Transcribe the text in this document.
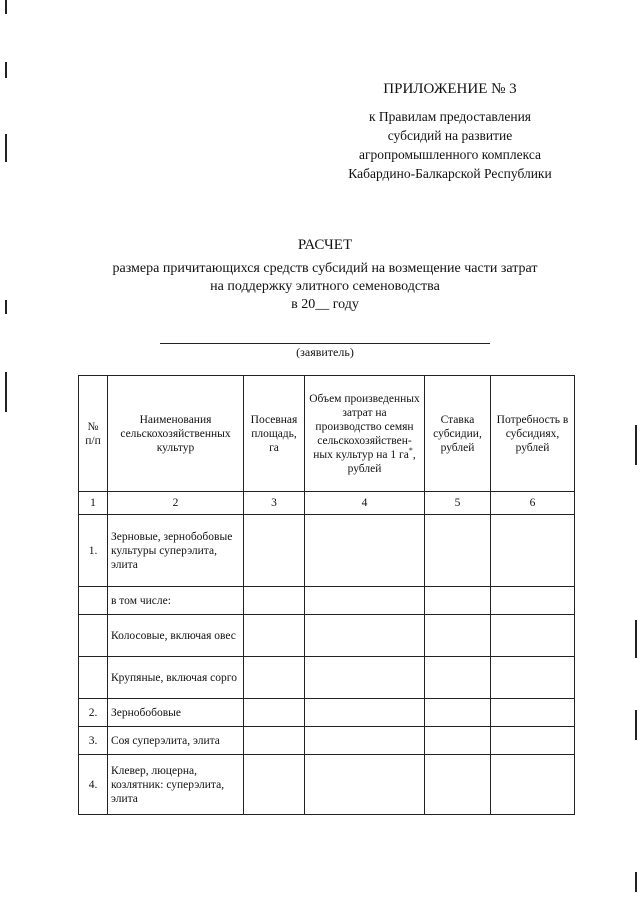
ПРИЛОЖЕНИЕ № 3
к Правилам предоставления
субсидий на развитие
агропромышленного комплекса
Кабардино-Балкарской Республики
РАСЧЕТ
размера причитающихся средств субсидий на возмещение части затрат
на поддержку элитного семеноводства
в 20__ году
(заявитель)
№ п/п	Наименования сельскохозяйственных культур	Посевная площадь, га	Объем произведенных затрат на производство семян сельскохозяйствен-ных культур на 1 га*, рублей	Ставка субсидии, рублей	Потребность в субсидиях, рублей
1	2	3	4	5	6
1.	Зерновые, зернобобовые культуры суперэлита, элита				
	в том числе:				
	Колосовые, включая овес				
	Крупяные, включая сорго				
2.	Зернобобовые				
3.	Соя суперэлита, элита				
4.	Клевер, люцерна, козлятник: суперэлита, элита				
